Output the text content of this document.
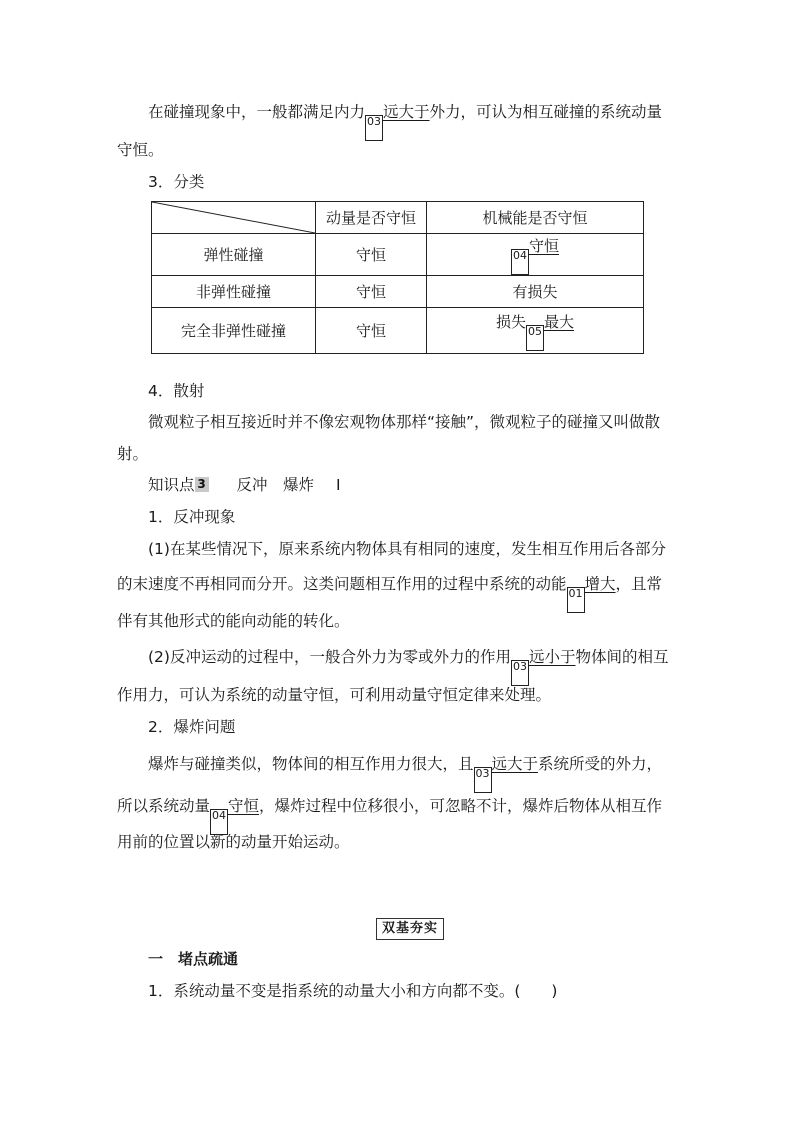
在碰撞现象中，一般都满足内力03远大于外力，可认为相互碰撞的系统动量
守恒。
3．分类
	动量是否守恒	机械能是否守恒
弹性碰撞	守恒	04守恒
非弹性碰撞	守恒	有损失
完全非弹性碰撞	守恒	损失05最大
4．散射
微观粒子相互接近时并不像宏观物体那样“接触”，微观粒子的碰撞又叫做散
射。
知识点 3 反冲　爆炸 Ⅰ
1．反冲现象
(1)在某些情况下，原来系统内物体具有相同的速度，发生相互作用后各部分
的末速度不再相同而分开。这类问题相互作用的过程中系统的动能01增大，且常
伴有其他形式的能向动能的转化。
(2)反冲运动的过程中，一般合外力为零或外力的作用03远小于物体间的相互
作用力，可认为系统的动量守恒，可利用动量守恒定律来处理。
2．爆炸问题
爆炸与碰撞类似，物体间的相互作用力很大，且03远大于系统所受的外力，
所以系统动量04守恒，爆炸过程中位移很小，可忽略不计，爆炸后物体从相互作
用前的位置以新的动量开始运动。
双基夯实
一　堵点疏通
1．系统动量不变是指系统的动量大小和方向都不变。(　　)
